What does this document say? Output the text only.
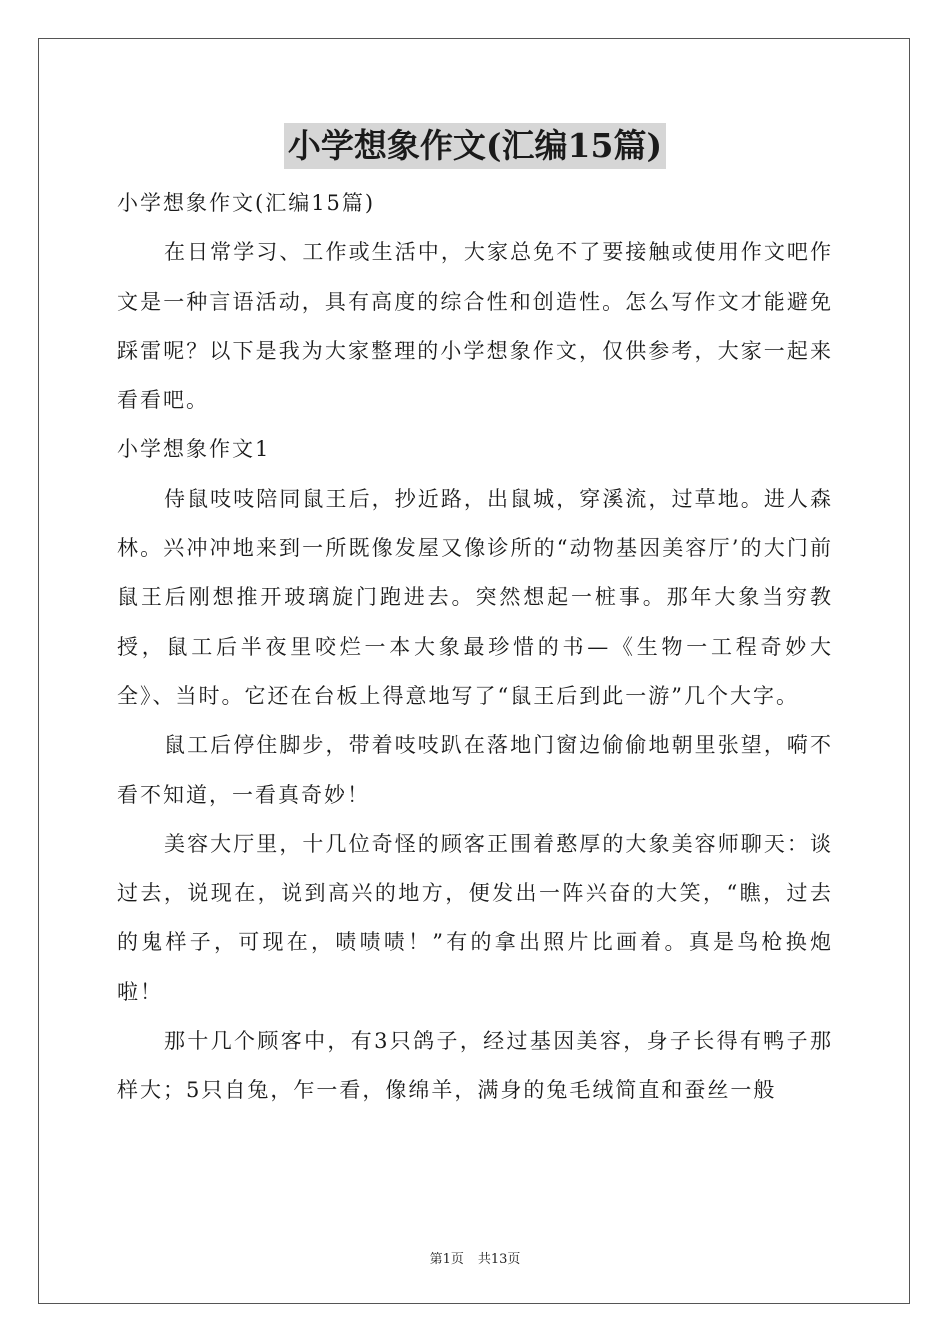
小学想象作文(汇编15篇)

小学想象作文(汇编15篇)

在日常学习、工作或生活中，大家总免不了要接触或使用作文吧作文是一种言语活动，具有高度的综合性和创造性。怎么写作文才能避免踩雷呢？以下是我为大家整理的小学想象作文，仅供参考，大家一起来看看吧。

小学想象作文1

侍鼠吱吱陪同鼠王后，抄近路，出鼠城，穿溪流，过草地。进人森林。兴冲冲地来到一所既像发屋又像诊所的“动物基因美容厅’的大门前鼠王后刚想推开玻璃旋门跑进去。突然想起一桩事。那年大象当穷教授，鼠工后半夜里咬烂一本大象最珍惜的书—《生物一工程奇妙大全》、当时。它还在台板上得意地写了“鼠王后到此一游”几个大字。

鼠工后停住脚步，带着吱吱趴在落地门窗边偷偷地朝里张望，嗬不看不知道，一看真奇妙！

美容大厅里，十几位奇怪的顾客正围着憨厚的大象美容师聊天：谈过去，说现在，说到高兴的地方，便发出一阵兴奋的大笑，“瞧，过去的鬼样子，可现在，啧啧啧！”有的拿出照片比画着。真是鸟枪换炮啦！

那十几个顾客中，有3只鸽子，经过基因美容，身子长得有鸭子那样大；5只自兔，乍一看，像绵羊，满身的兔毛绒简直和蚕丝一般

第1页 共13页
